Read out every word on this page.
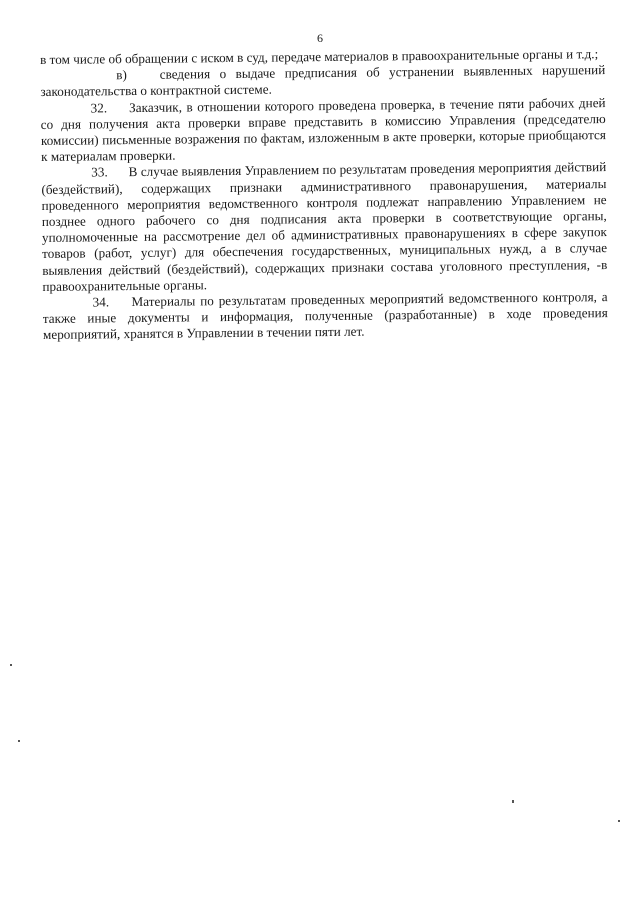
6

в том числе об обращении с иском в суд, передаче материалов в правоохранительные органы и т.д.;

в) сведения о выдаче предписания об устранении выявленных нарушений законодательства о контрактной системе.

32. Заказчик, в отношении которого проведена проверка, в течение пяти рабочих дней со дня получения акта проверки вправе представить в комиссию Управления (председателю комиссии) письменные возражения по фактам, изложенным в акте проверки, которые приобщаются к материалам проверки.

33. В случае выявления Управлением по результатам проведения мероприятия действий (бездействий), содержащих признаки административного правонарушения, материалы проведенного мероприятия ведомственного контроля подлежат направлению Управлением не позднее одного рабочего со дня подписания акта проверки в соответствующие органы, уполномоченные на рассмотрение дел об административных правонарушениях в сфере закупок товаров (работ, услуг) для обеспечения государственных, муниципальных нужд, а в случае выявления действий (бездействий), содержащих признаки состава уголовного преступления, -в правоохранительные органы.

34. Материалы по результатам проведенных мероприятий ведомственного контроля, а также иные документы и информация, полученные (разработанные) в ходе проведения мероприятий, хранятся в Управлении в течении пяти лет.
